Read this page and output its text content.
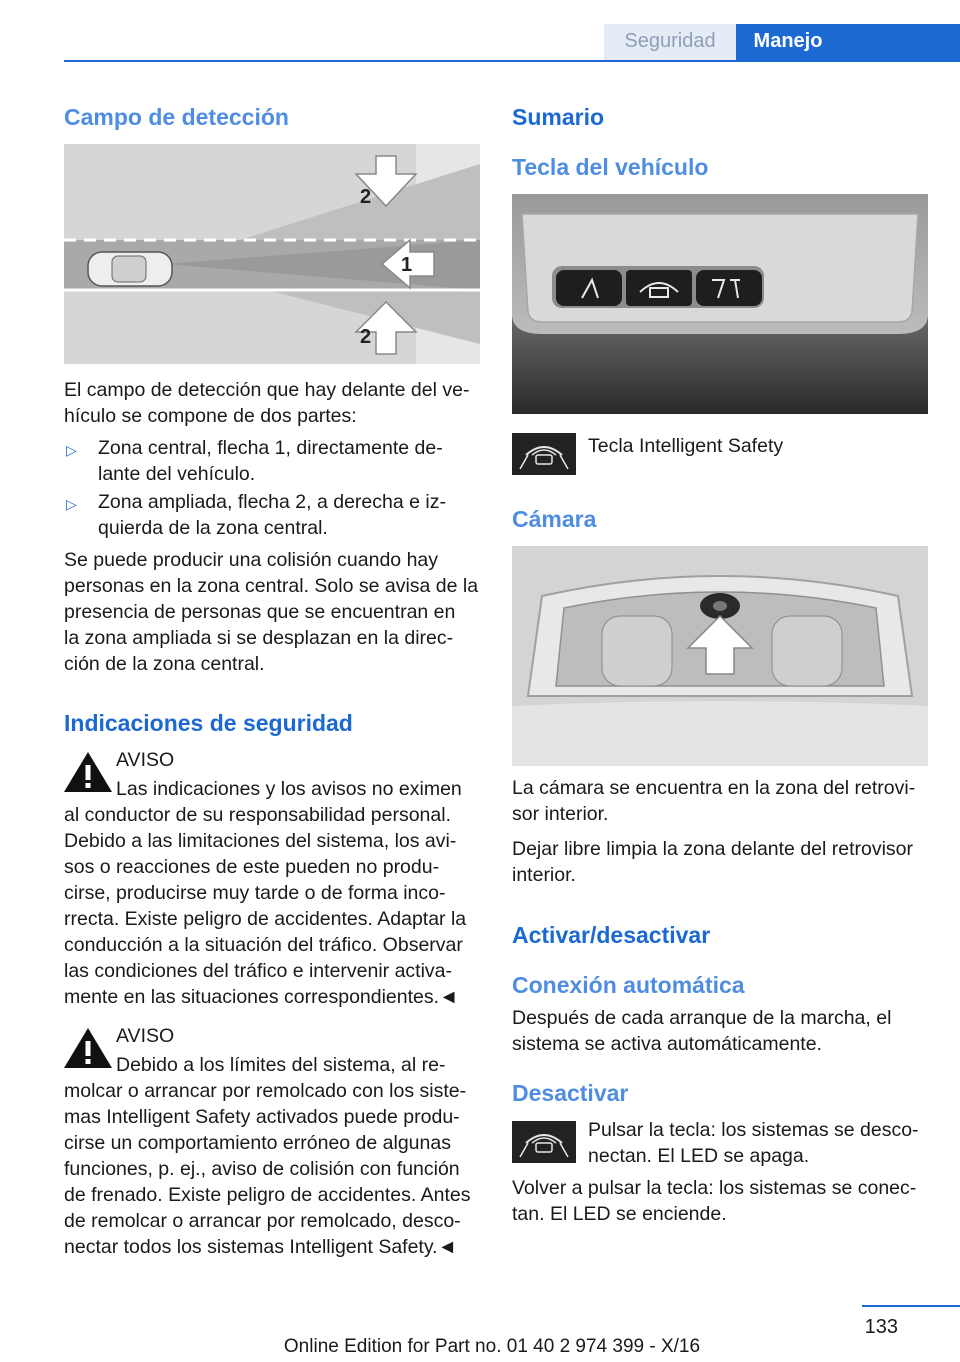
Seguridad	Manejo
Campo de detección
2
1
2
El campo de detección que hay delante del ve-
hículo se compone de dos partes:
▷ Zona central, flecha 1, directamente de-
lante del vehículo.
▷ Zona ampliada, flecha 2, a derecha e iz-
quierda de la zona central.
Se puede producir una colisión cuando hay
personas en la zona central. Solo se avisa de la
presencia de personas que se encuentran en
la zona ampliada si se desplazan en la direc-
ción de la zona central.
Indicaciones de seguridad
AVISO
Las indicaciones y los avisos no eximen
al conductor de su responsabilidad personal.
Debido a las limitaciones del sistema, los avi-
sos o reacciones de este pueden no produ-
cirse, producirse muy tarde o de forma inco-
rrecta. Existe peligro de accidentes. Adaptar la
conducción a la situación del tráfico. Observar
las condiciones del tráfico e intervenir activa-
mente en las situaciones correspondientes.◄
AVISO
Debido a los límites del sistema, al re-
molcar o arrancar por remolcado con los siste-
mas Intelligent Safety activados puede produ-
cirse un comportamiento erróneo de algunas
funciones, p. ej., aviso de colisión con función
de frenado. Existe peligro de accidentes. Antes
de remolcar o arrancar por remolcado, desco-
nectar todos los sistemas Intelligent Safety.◄
Sumario
Tecla del vehículo
Tecla Intelligent Safety
Cámara
La cámara se encuentra en la zona del retrovi-
sor interior.
Dejar libre limpia la zona delante del retrovisor
interior.
Activar/desactivar
Conexión automática
Después de cada arranque de la marcha, el
sistema se activa automáticamente.
Desactivar
Pulsar la tecla: los sistemas se desco-
nectan. El LED se apaga.
Volver a pulsar la tecla: los sistemas se conec-
tan. El LED se enciende.
133
Online Edition for Part no. 01 40 2 974 399 - X/16
